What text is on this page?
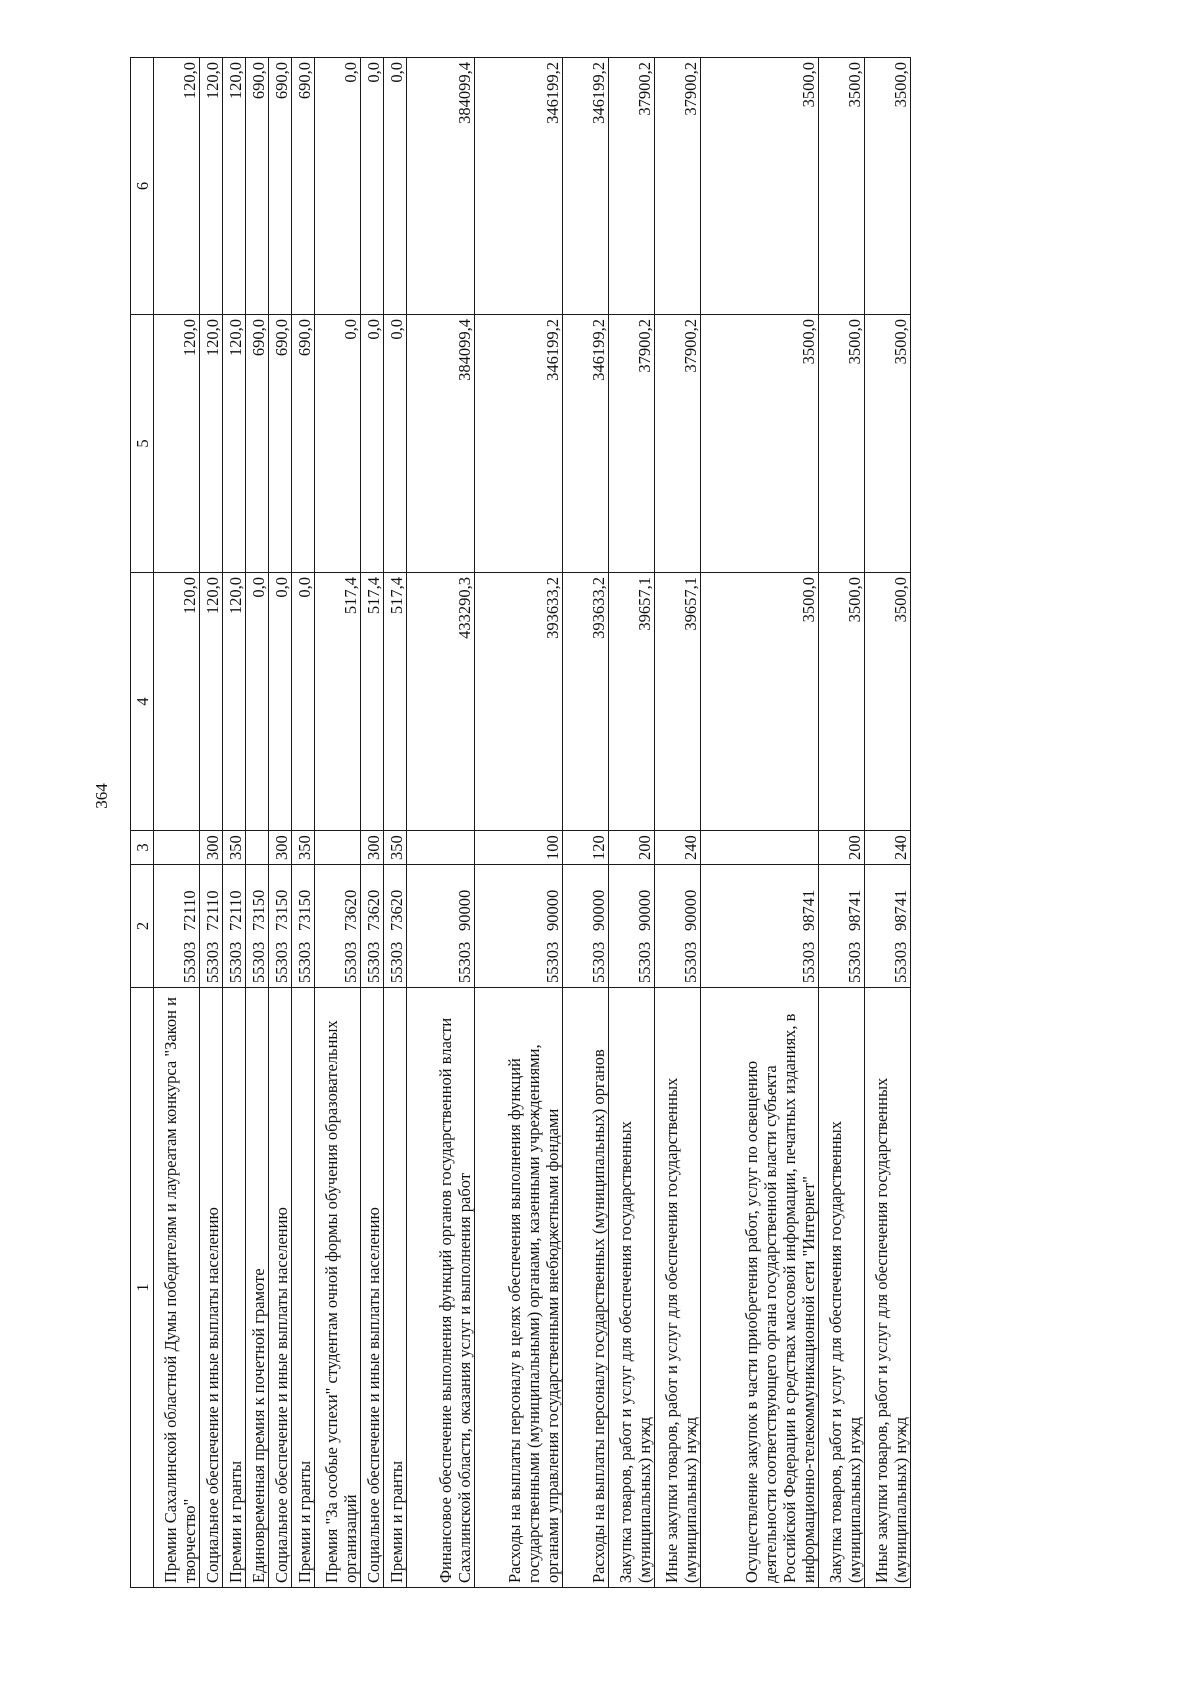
364
1	2	3	4	5	6
Премии Сахалинской областной Думы победителям и лауреатам конкурса "Закон и творчество"	5530372110		120,0	120,0	120,0
Социальное обеспечение и иные выплаты населению	5530372110	300	120,0	120,0	120,0
Премии и гранты	5530372110	350	120,0	120,0	120,0
Единовременная премия к почетной грамоте	5530373150		0,0	690,0	690,0
Социальное обеспечение и иные выплаты населению	5530373150	300	0,0	690,0	690,0
Премии и гранты	5530373150	350	0,0	690,0	690,0
Премия "За особые успехи" студентам очной формы обучения образовательных организаций	5530373620		517,4	0,0	0,0
Социальное обеспечение и иные выплаты населению	5530373620	300	517,4	0,0	0,0
Премии и гранты	5530373620	350	517,4	0,0	0,0
Финансовое обеспечение выполнения функций органов государственной власти Сахалинской области, оказания услуг и выполнения работ	5530390000		433290,3	384099,4	384099,4
Расходы на выплаты персоналу в целях обеспечения выполнения функций государственными (муниципальными) органами, казенными учреждениями, органами управления государственными внебюджетными фондами	5530390000	100	393633,2	346199,2	346199,2
Расходы на выплаты персоналу государственных (муниципальных) органов	5530390000	120	393633,2	346199,2	346199,2
Закупка товаров, работ и услуг для обеспечения государственных (муниципальных) нужд	5530390000	200	39657,1	37900,2	37900,2
Иные закупки товаров, работ и услуг для обеспечения государственных (муниципальных) нужд	5530390000	240	39657,1	37900,2	37900,2
Осуществление закупок в части приобретения работ, услуг по освещению деятельности соответствующего органа государственной власти субъекта Российской Федерации в средствах массовой информации, печатных изданиях, в информационно-телекоммуникационной сети "Интернет"	5530398741		3500,0	3500,0	3500,0
Закупка товаров, работ и услуг для обеспечения государственных (муниципальных) нужд	5530398741	200	3500,0	3500,0	3500,0
Иные закупки товаров, работ и услуг для обеспечения государственных (муниципальных) нужд	5530398741	240	3500,0	3500,0	3500,0
